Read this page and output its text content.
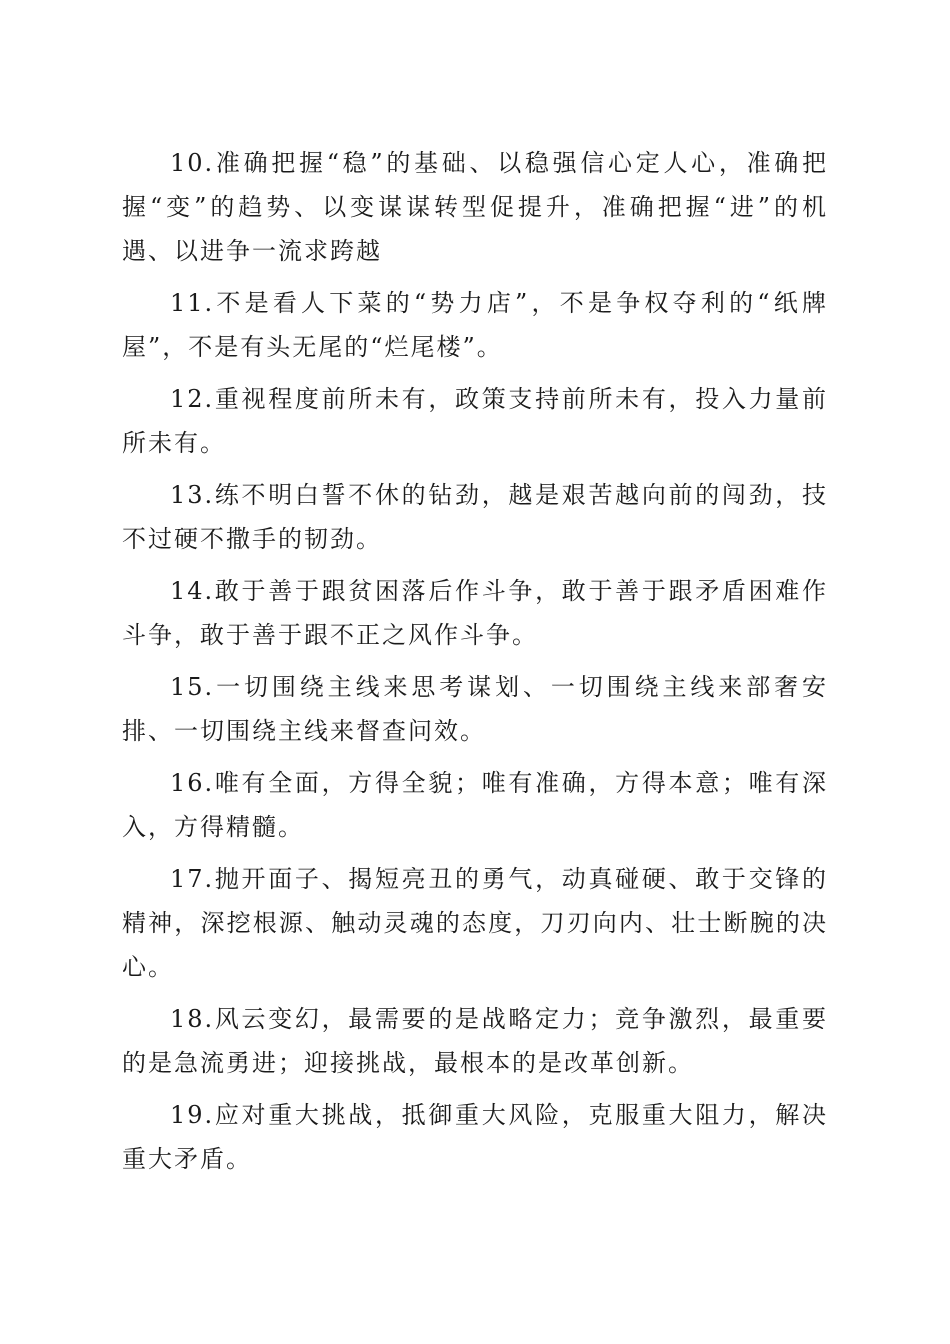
10.准确把握“稳”的基础、以稳强信心定人心，准确把握“变”的趋势、以变谋谋转型促提升，准确把握“进”的机遇、以进争一流求跨越

11.不是看人下菜的“势力店”，不是争权夺利的“纸牌屋”，不是有头无尾的“烂尾楼”。

12.重视程度前所未有，政策支持前所未有，投入力量前所未有。

13.练不明白誓不休的钻劲，越是艰苦越向前的闯劲，技不过硬不撒手的韧劲。

14.敢于善于跟贫困落后作斗争，敢于善于跟矛盾困难作斗争，敢于善于跟不正之风作斗争。

15.一切围绕主线来思考谋划、一切围绕主线来部奢安排、一切围绕主线来督查问效。

16.唯有全面，方得全貌；唯有准确，方得本意；唯有深入，方得精髓。

17.抛开面子、揭短亮丑的勇气，动真碰硬、敢于交锋的精神，深挖根源、触动灵魂的态度，刀刃向内、壮士断腕的决心。

18.风云变幻，最需要的是战略定力；竞争激烈，最重要的是急流勇进；迎接挑战，最根本的是改革创新。

19.应对重大挑战，抵御重大风险，克服重大阻力，解决重大矛盾。
